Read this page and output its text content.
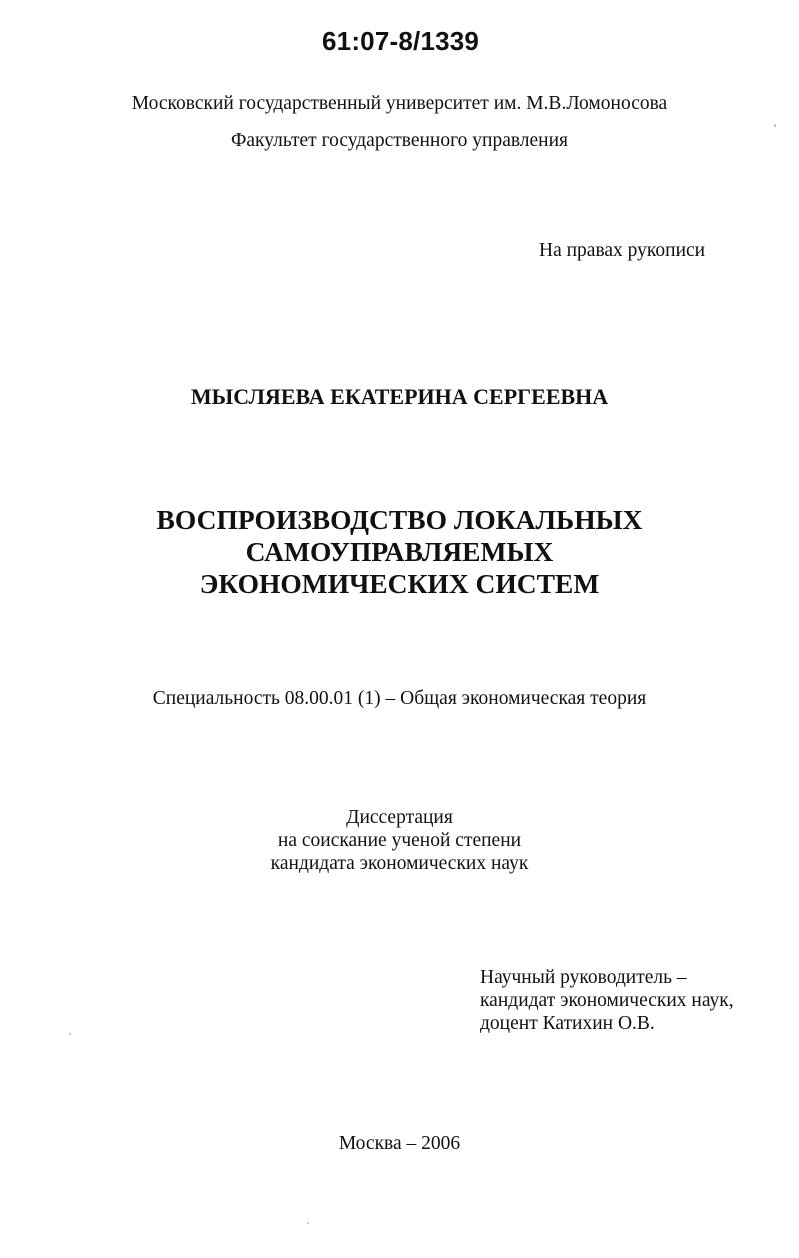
61:07-8/1339
Московский государственный университет им. М.В.Ломоносова
Факультет государственного управления
На правах рукописи
МЫСЛЯЕВА ЕКАТЕРИНА СЕРГЕЕВНА
ВОСПРОИЗВОДСТВО ЛОКАЛЬНЫХ
САМОУПРАВЛЯЕМЫХ
ЭКОНОМИЧЕСКИХ СИСТЕМ
Специальность 08.00.01 (1) – Общая экономическая теория
Диссертация
на соискание ученой степени
кандидата экономических наук
Научный руководитель –
кандидат экономических наук,
доцент Катихин О.В.
Москва – 2006
